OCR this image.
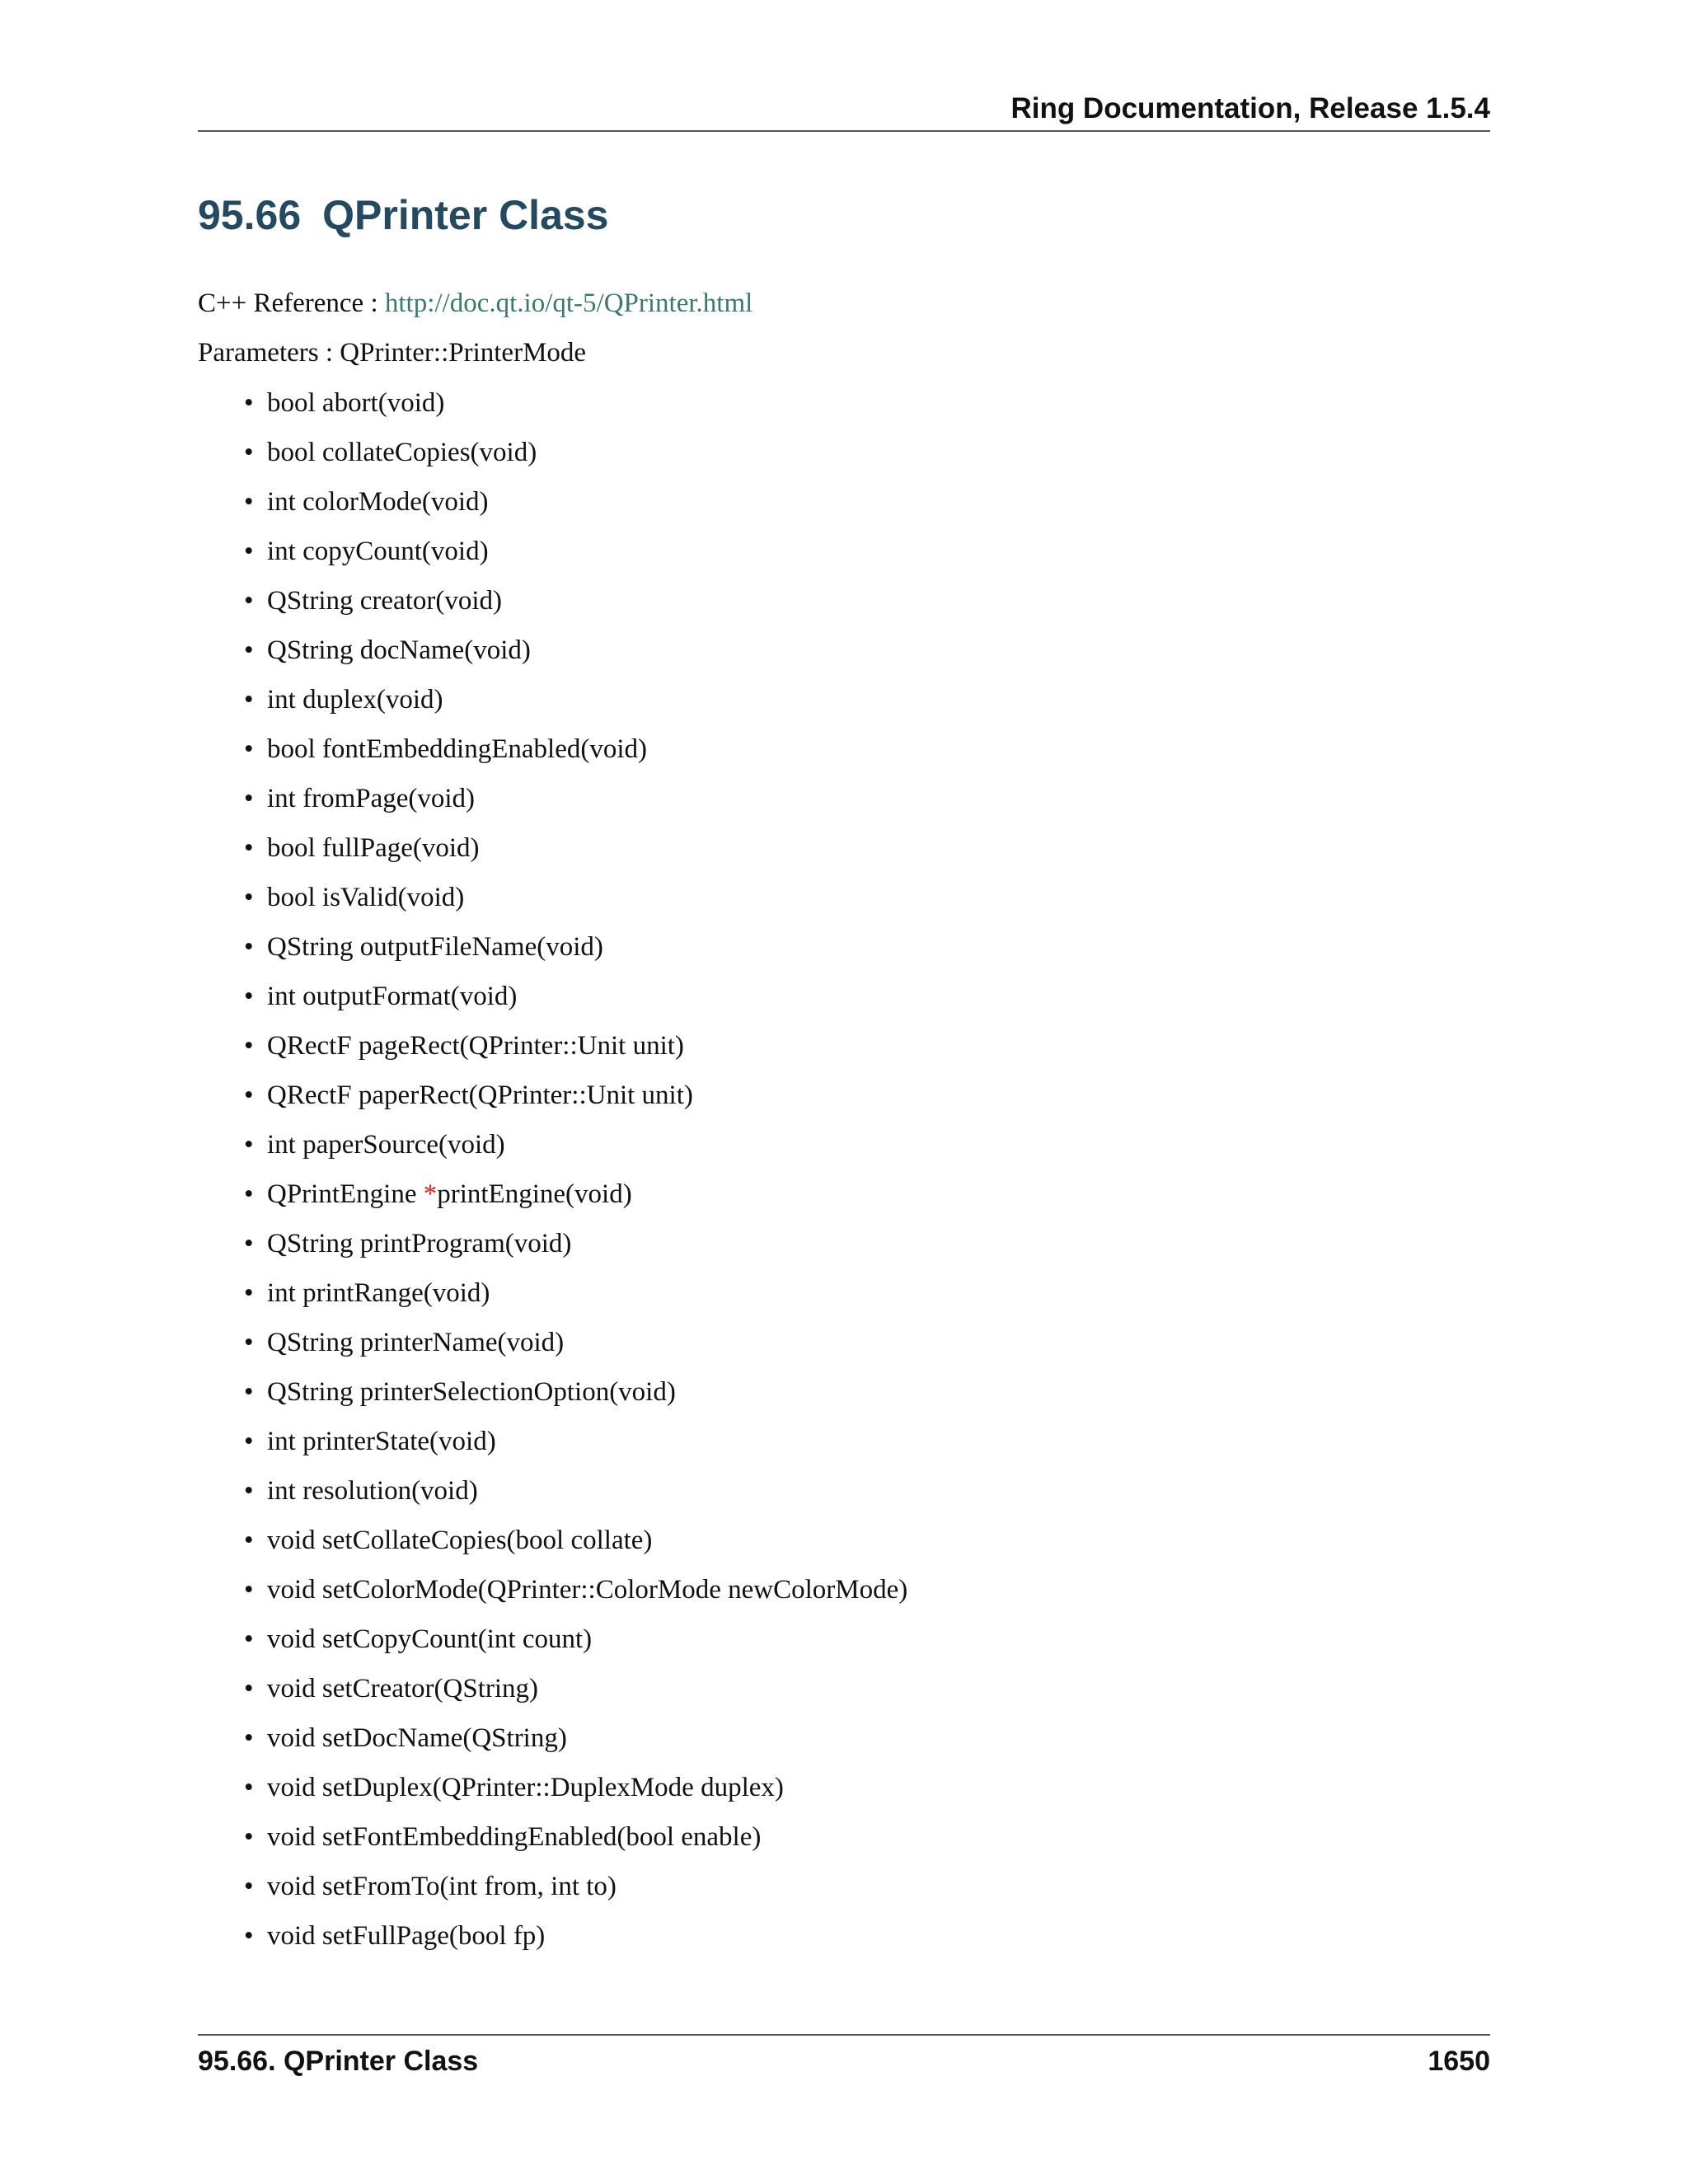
Ring Documentation, Release 1.5.4
95.66 QPrinter Class
C++ Reference : http://doc.qt.io/qt-5/QPrinter.html
Parameters : QPrinter::PrinterMode
• bool abort(void)
• bool collateCopies(void)
• int colorMode(void)
• int copyCount(void)
• QString creator(void)
• QString docName(void)
• int duplex(void)
• bool fontEmbeddingEnabled(void)
• int fromPage(void)
• bool fullPage(void)
• bool isValid(void)
• QString outputFileName(void)
• int outputFormat(void)
• QRectF pageRect(QPrinter::Unit unit)
• QRectF paperRect(QPrinter::Unit unit)
• int paperSource(void)
• QPrintEngine *printEngine(void)
• QString printProgram(void)
• int printRange(void)
• QString printerName(void)
• QString printerSelectionOption(void)
• int printerState(void)
• int resolution(void)
• void setCollateCopies(bool collate)
• void setColorMode(QPrinter::ColorMode newColorMode)
• void setCopyCount(int count)
• void setCreator(QString)
• void setDocName(QString)
• void setDuplex(QPrinter::DuplexMode duplex)
• void setFontEmbeddingEnabled(bool enable)
• void setFromTo(int from, int to)
• void setFullPage(bool fp)
95.66. QPrinter Class	1650
